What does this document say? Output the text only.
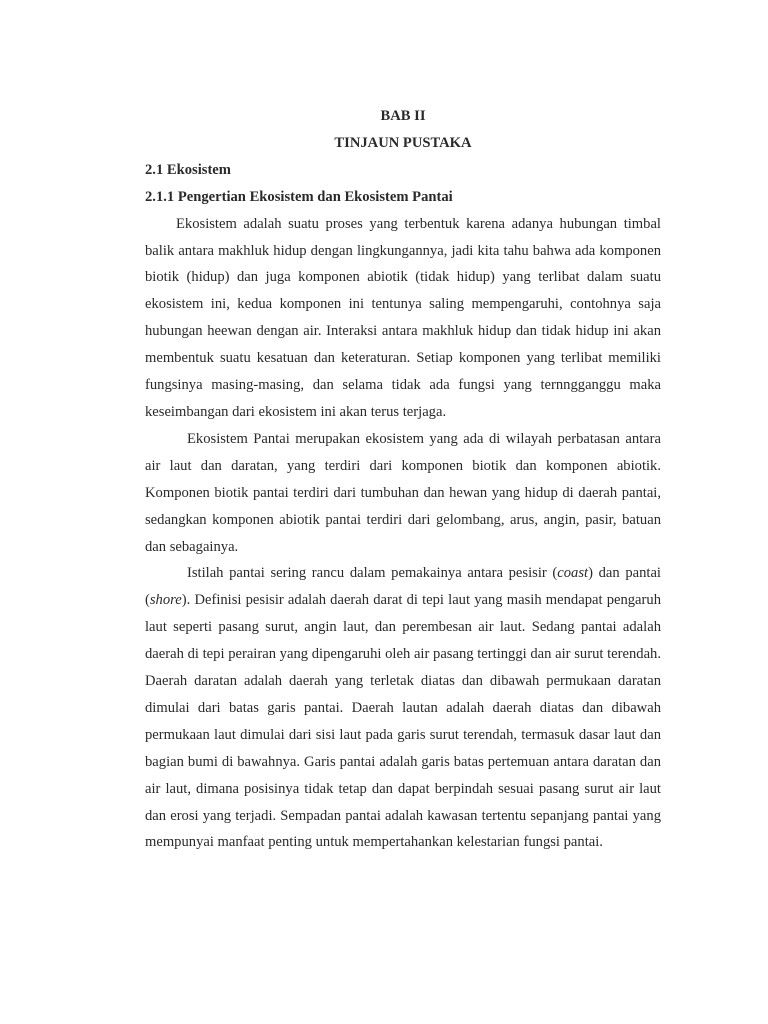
BAB II

TINJAUN PUSTAKA

2.1 Ekosistem

2.1.1 Pengertian Ekosistem dan Ekosistem Pantai

Ekosistem adalah suatu proses yang terbentuk karena adanya hubungan timbal balik antara makhluk hidup dengan lingkungannya, jadi kita tahu bahwa ada komponen biotik (hidup) dan juga komponen abiotik (tidak hidup) yang terlibat dalam suatu ekosistem ini, kedua komponen ini tentunya saling mempengaruhi, contohnya saja hubungan heewan dengan air. Interaksi antara makhluk hidup dan tidak hidup ini akan membentuk suatu kesatuan dan keteraturan. Setiap komponen yang terlibat memiliki fungsinya masing-masing, dan selama tidak ada fungsi yang ternngganggu maka keseimbangan dari ekosistem ini akan terus terjaga.

Ekosistem Pantai merupakan ekosistem yang ada di wilayah perbatasan antara air laut dan daratan, yang terdiri dari komponen biotik dan komponen abiotik. Komponen biotik pantai terdiri dari tumbuhan dan hewan yang hidup di daerah pantai, sedangkan komponen abiotik pantai terdiri dari gelombang, arus, angin, pasir, batuan dan sebagainya.

Istilah pantai sering rancu dalam pemakainya antara pesisir (coast) dan pantai (shore). Definisi pesisir adalah daerah darat di tepi laut yang masih mendapat pengaruh laut seperti pasang surut, angin laut, dan perembesan air laut. Sedang pantai adalah daerah di tepi perairan yang dipengaruhi oleh air pasang tertinggi dan air surut terendah. Daerah daratan adalah daerah yang terletak diatas dan dibawah permukaan daratan dimulai dari batas garis pantai. Daerah lautan adalah daerah diatas dan dibawah permukaan laut dimulai dari sisi laut pada garis surut terendah, termasuk dasar laut dan bagian bumi di bawahnya. Garis pantai adalah garis batas pertemuan antara daratan dan air laut, dimana posisinya tidak tetap dan dapat berpindah sesuai pasang surut air laut dan erosi yang terjadi. Sempadan pantai adalah kawasan tertentu sepanjang pantai yang mempunyai manfaat penting untuk mempertahankan kelestarian fungsi pantai.
